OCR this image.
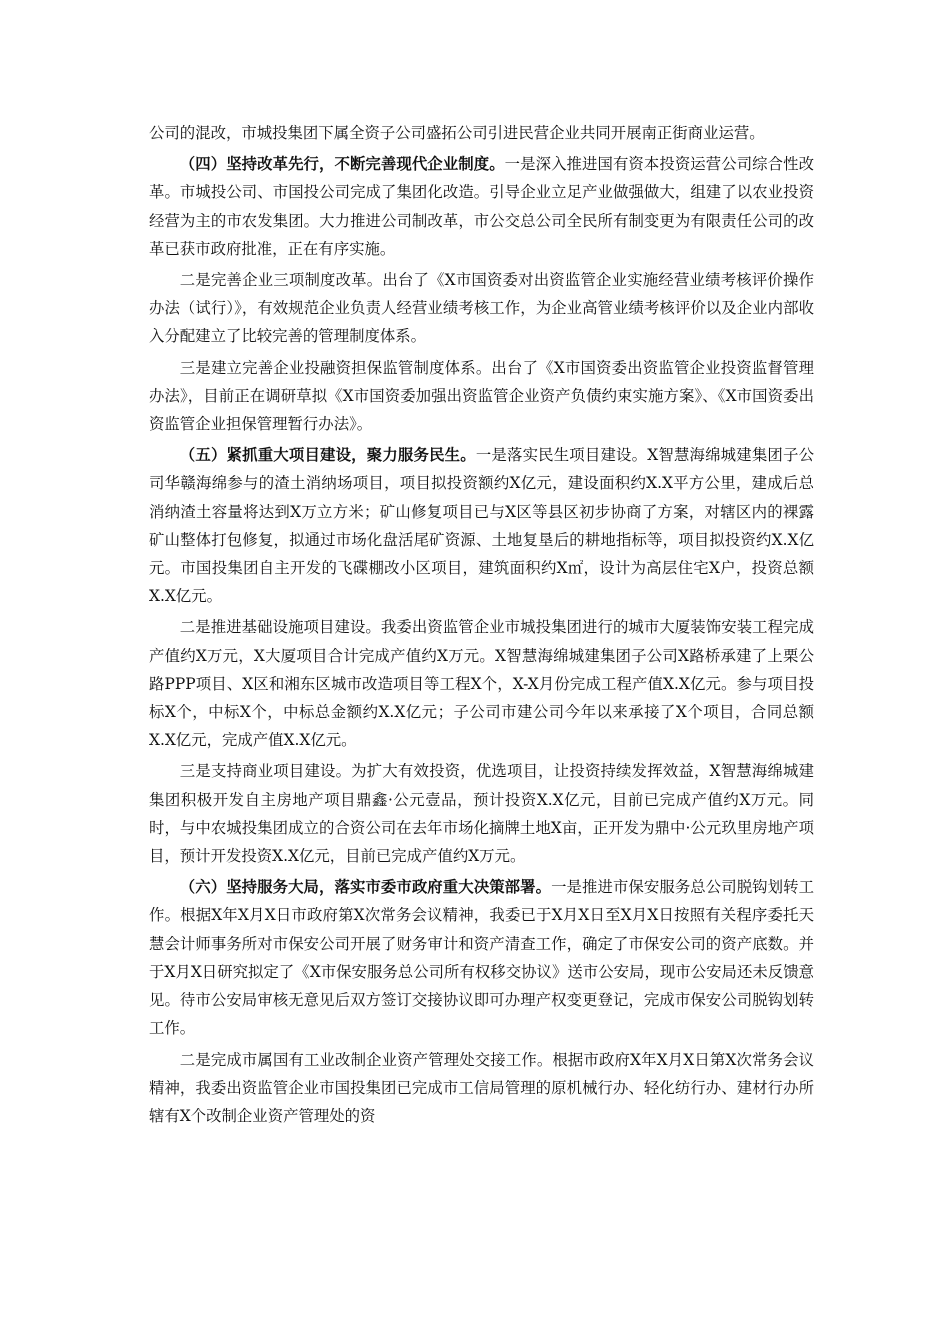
公司的混改，市城投集团下属全资子公司盛拓公司引进民营企业共同开展南正街商业运营。

（四）坚持改革先行，不断完善现代企业制度。一是深入推进国有资本投资运营公司综合性改革。市城投公司、市国投公司完成了集团化改造。引导企业立足产业做强做大，组建了以农业投资经营为主的市农发集团。大力推进公司制改革，市公交总公司全民所有制变更为有限责任公司的改革已获市政府批准，正在有序实施。

二是完善企业三项制度改革。出台了《X市国资委对出资监管企业实施经营业绩考核评价操作办法（试行）》，有效规范企业负责人经营业绩考核工作，为企业高管业绩考核评价以及企业内部收入分配建立了比较完善的管理制度体系。

三是建立完善企业投融资担保监管制度体系。出台了《X市国资委出资监管企业投资监督管理办法》，目前正在调研草拟《X市国资委加强出资监管企业资产负债约束实施方案》、《X市国资委出资监管企业担保管理暂行办法》。

（五）紧抓重大项目建设，聚力服务民生。一是落实民生项目建设。X智慧海绵城建集团子公司华赣海绵参与的渣土消纳场项目，项目拟投资额约X亿元，建设面积约X.X平方公里，建成后总消纳渣土容量将达到X万立方米；矿山修复项目已与X区等县区初步协商了方案，对辖区内的裸露矿山整体打包修复，拟通过市场化盘活尾矿资源、土地复垦后的耕地指标等，项目拟投资约X.X亿元。市国投集团自主开发的飞碟棚改小区项目，建筑面积约X㎡，设计为高层住宅X户，投资总额X.X亿元。

二是推进基础设施项目建设。我委出资监管企业市城投集团进行的城市大厦装饰安装工程完成产值约X万元，X大厦项目合计完成产值约X万元。X智慧海绵城建集团子公司X路桥承建了上栗公路PPP项目、X区和湘东区城市改造项目等工程X个，X-X月份完成工程产值X.X亿元。参与项目投标X个，中标X个，中标总金额约X.X亿元；子公司市建公司今年以来承接了X个项目，合同总额X.X亿元，完成产值X.X亿元。

三是支持商业项目建设。为扩大有效投资，优选项目，让投资持续发挥效益，X智慧海绵城建集团积极开发自主房地产项目鼎鑫·公元壹品，预计投资X.X亿元，目前已完成产值约X万元。同时，与中农城投集团成立的合资公司在去年市场化摘牌土地X亩，正开发为鼎中·公元玖里房地产项目，预计开发投资X.X亿元，目前已完成产值约X万元。

（六）坚持服务大局，落实市委市政府重大决策部署。一是推进市保安服务总公司脱钩划转工作。根据X年X月X日市政府第X次常务会议精神，我委已于X月X日至X月X日按照有关程序委托天慧会计师事务所对市保安公司开展了财务审计和资产清查工作，确定了市保安公司的资产底数。并于X月X日研究拟定了《X市保安服务总公司所有权移交协议》送市公安局，现市公安局还未反馈意见。待市公安局审核无意见后双方签订交接协议即可办理产权变更登记，完成市保安公司脱钩划转工作。

二是完成市属国有工业改制企业资产管理处交接工作。根据市政府X年X月X日第X次常务会议精神，我委出资监管企业市国投集团已完成市工信局管理的原机械行办、轻化纺行办、建材行办所辖有X个改制企业资产管理处的资
